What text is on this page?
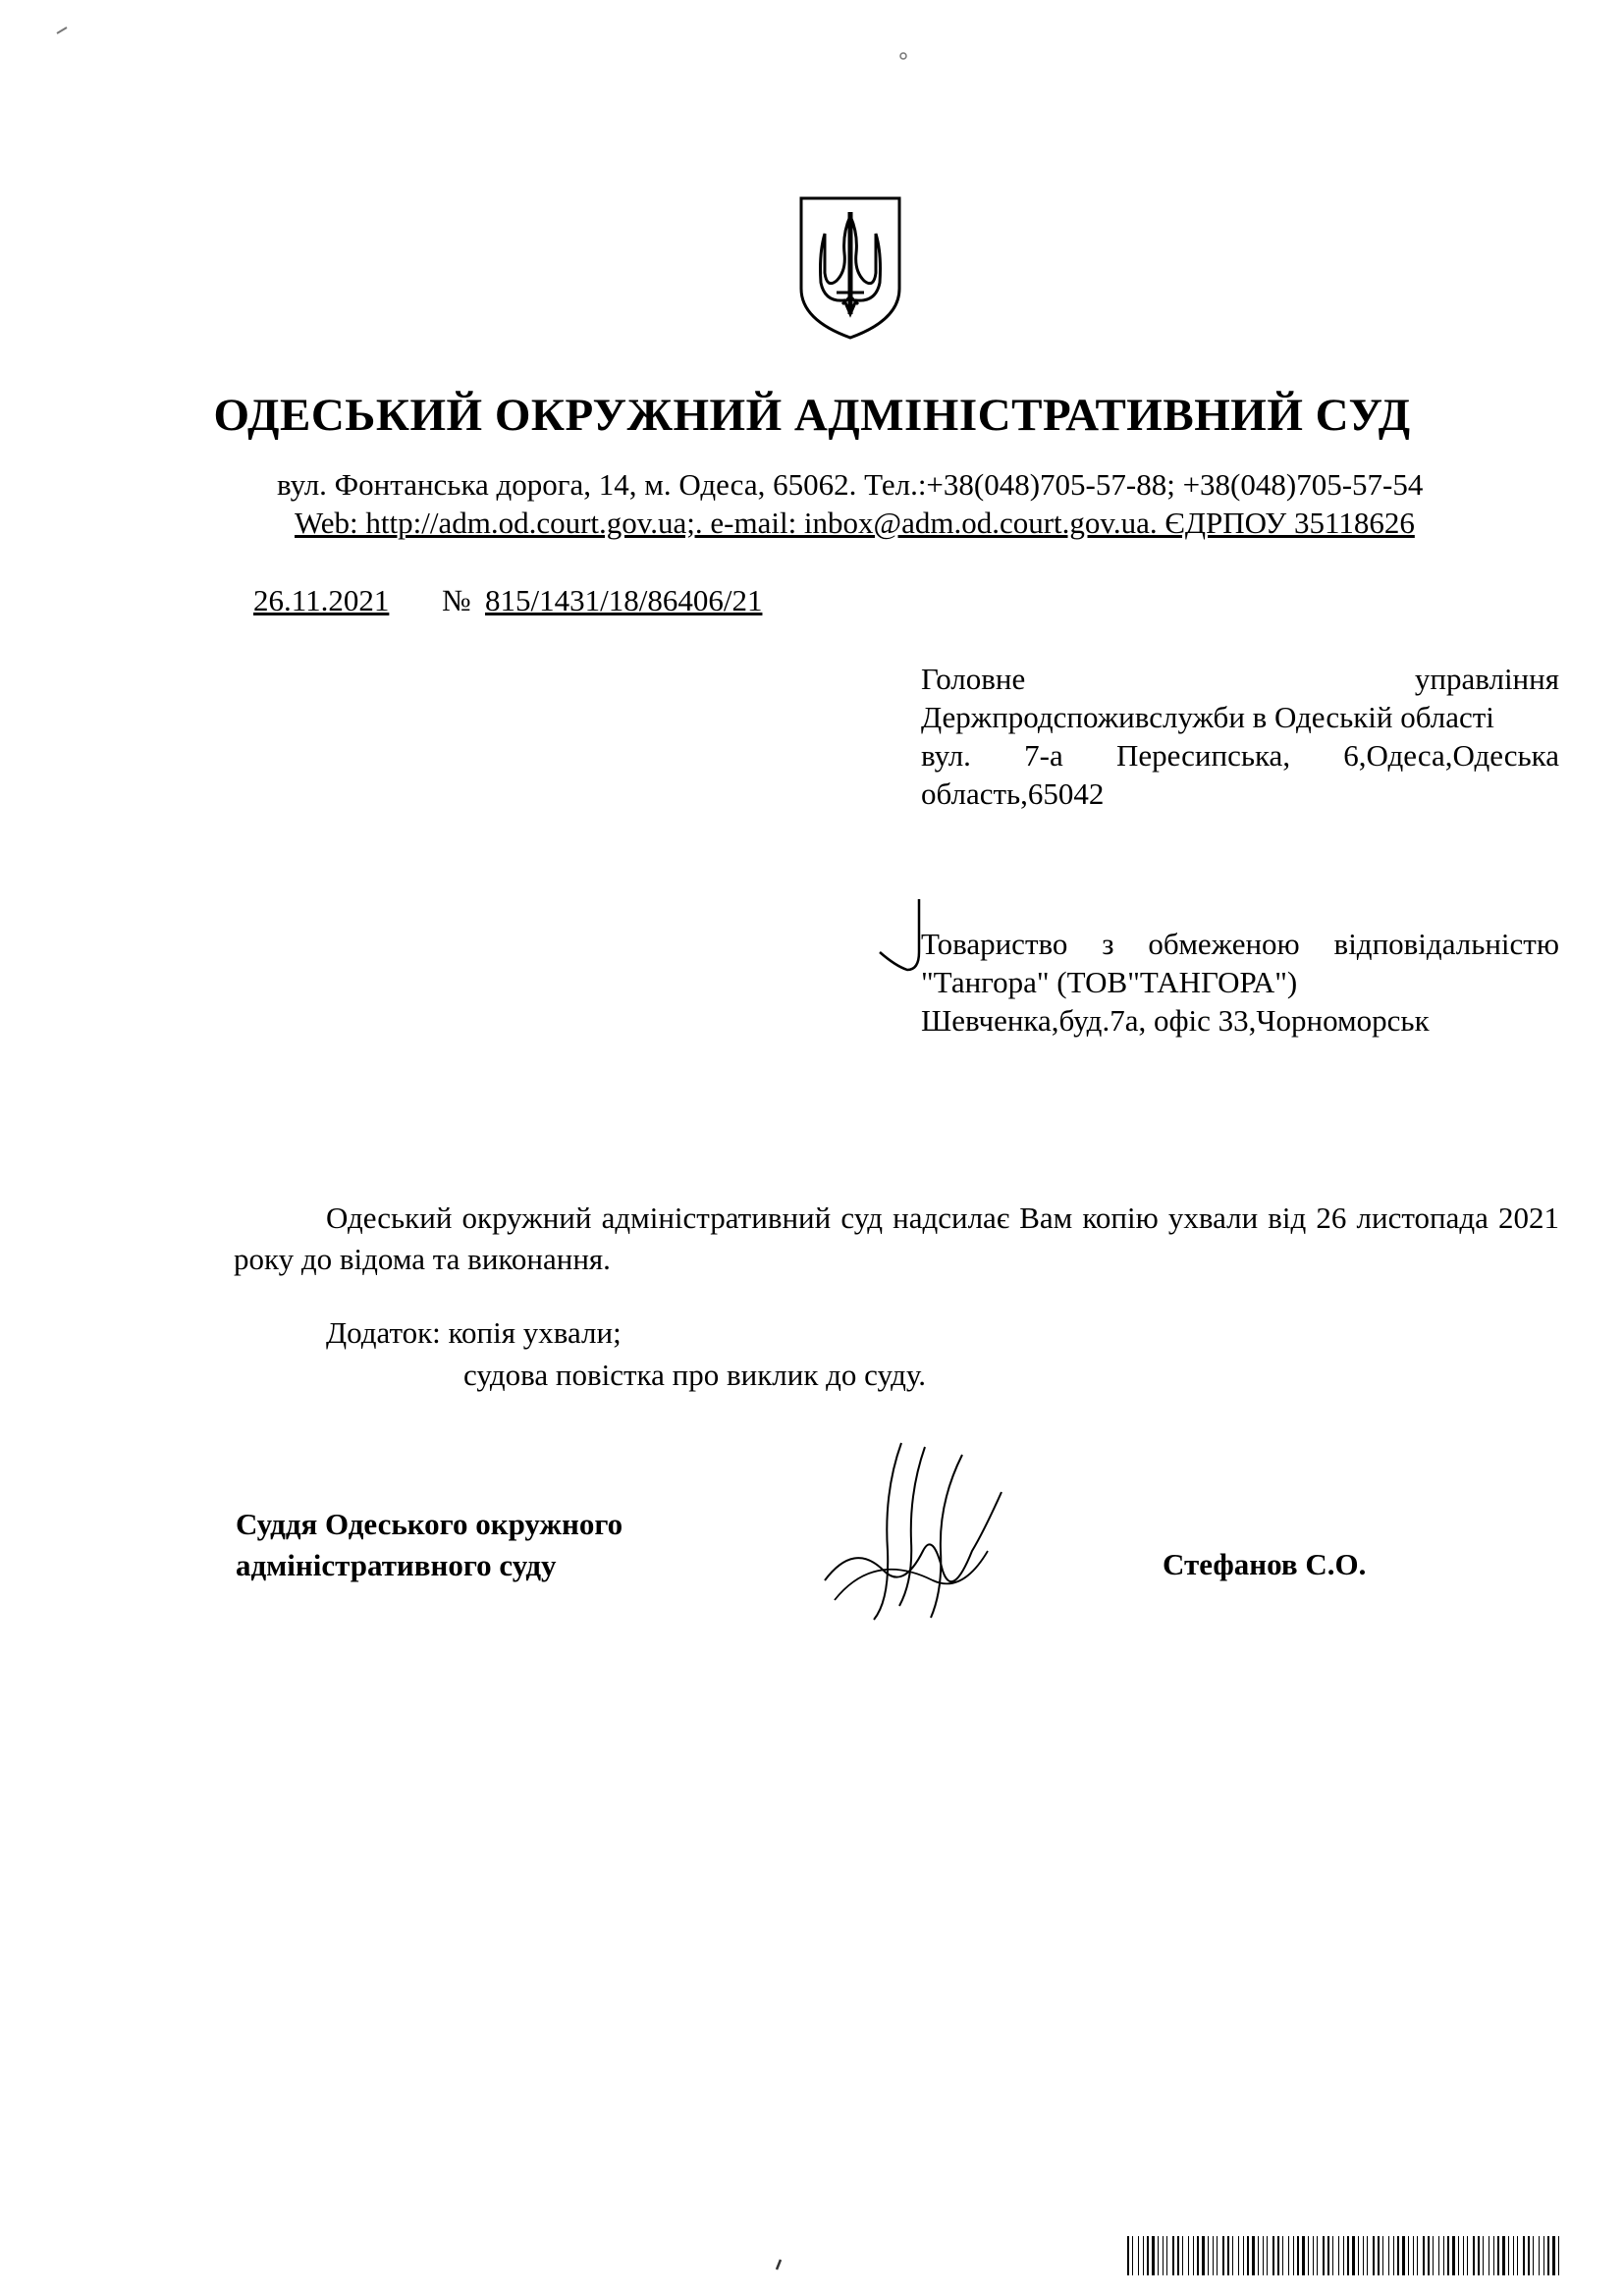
ОДЕСЬКИЙ ОКРУЖНИЙ АДМІНІСТРАТИВНИЙ СУД
вул. Фонтанська дорога, 14, м. Одеса, 65062. Тел.:+38(048)705-57-88; +38(048)705-57-54
Web: http://adm.od.court.gov.ua;. e-mail: inbox@adm.od.court.gov.ua. ЄДРПОУ 35118626
26.11.2021 № 815/1431/18/86406/21
Головне	управління
Держпродспоживслужби в Одеській області
вул. 7-а Пересипська, 6,Одеса,Одеська
область,65042
Товариство з обмеженою відповідальністю
"Тангора" (ТОВ"ТАНГОРА")
Шевченка,буд.7а, офіс 33,Чорноморськ
Одеський окружний адміністративний суд надсилає Вам копію ухвали від 26 листопада 2021 року до відома та виконання.
Додаток: копія ухвали;
судова повістка про виклик до суду.
Суддя Одеського окружного
адміністративного суду	Стефанов С.О.
